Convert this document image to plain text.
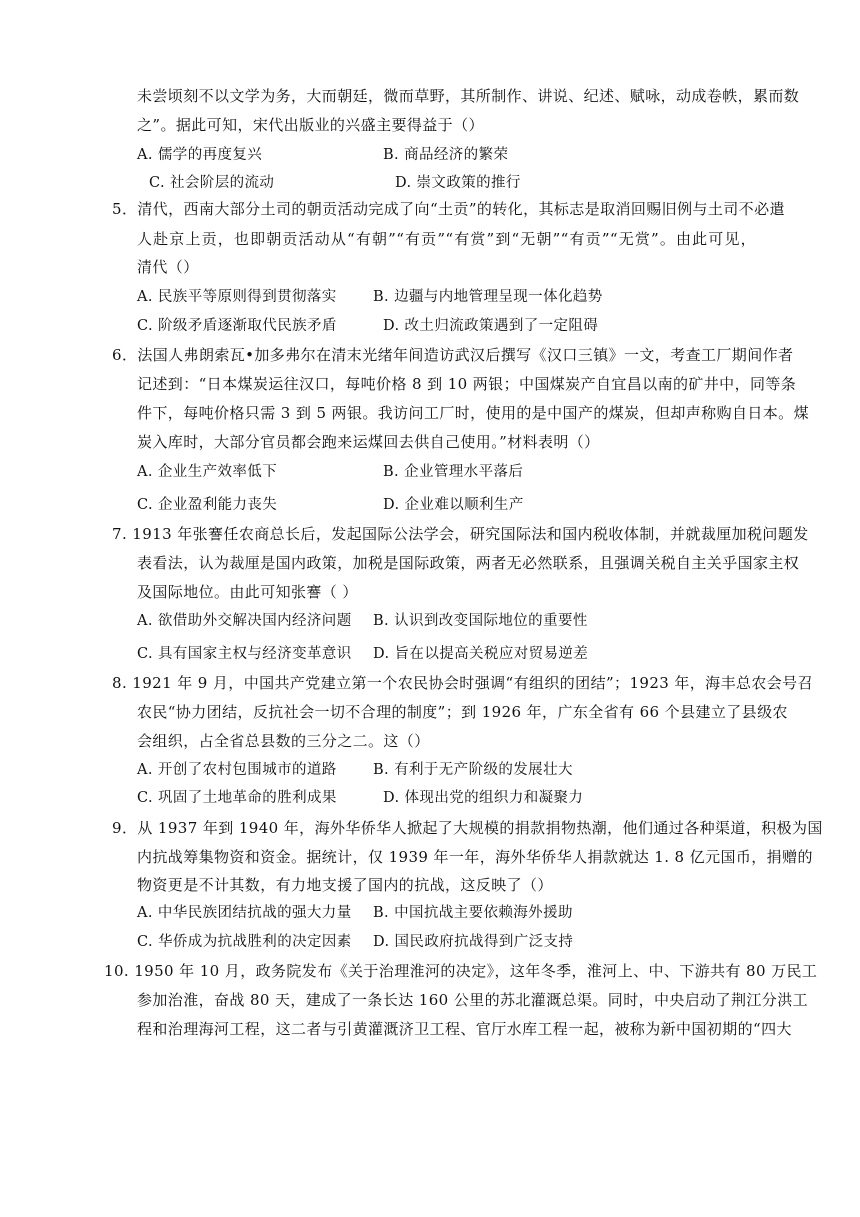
未尝顷刻不以文学为务，大而朝廷，微而草野，其所制作、讲说、纪述、赋咏，动成卷帙，累而数
之”。据此可知，宋代出版业的兴盛主要得益于（）
A. 儒学的再度复兴	B. 商品经济的繁荣
C. 社会阶层的流动	D. 崇文政策的推行
5．清代，西南大部分土司的朝贡活动完成了向“土贡”的转化，其标志是取消回赐旧例与土司不必遣
人赴京上贡，也即朝贡活动从“有朝”“有贡”“有赏”到“无朝”“有贡”“无赏”。由此可见，
清代（）
A. 民族平等原则得到贯彻落实	B. 边疆与内地管理呈现一体化趋势
C. 阶级矛盾逐渐取代民族矛盾	D. 改土归流政策遇到了一定阻碍
6．法国人弗朗索瓦•加多弗尔在清末光绪年间造访武汉后撰写《汉口三镇》一文，考查工厂期间作者
记述到：“日本煤炭运往汉口，每吨价格 8 到 10 两银；中国煤炭产自宜昌以南的矿井中，同等条
件下，每吨价格只需 3 到 5 两银。我访问工厂时，使用的是中国产的煤炭，但却声称购自日本。煤
炭入库时，大部分官员都会跑来运煤回去供自己使用。”材料表明（）
A. 企业生产效率低下	B. 企业管理水平落后
C. 企业盈利能力丧失	D. 企业难以顺利生产
7. 1913 年张謇任农商总长后，发起国际公法学会，研究国际法和国内税收体制，并就裁厘加税问题发
表看法，认为裁厘是国内政策，加税是国际政策，两者无必然联系，且强调关税自主关乎国家主权
及国际地位。由此可知张謇（ ）
A. 欲借助外交解决国内经济问题 B. 认识到改变国际地位的重要性
C. 具有国家主权与经济变革意识 D. 旨在以提高关税应对贸易逆差
8. 1921 年 9 月，中国共产党建立第一个农民协会时强调“有组织的团结”；1923 年，海丰总农会号召
农民“协力团结，反抗社会一切不合理的制度”；到 1926 年，广东全省有 66 个县建立了县级农
会组织，占全省总县数的三分之二。这（）
A. 开创了农村包围城市的道路	B. 有利于无产阶级的发展壮大
C. 巩固了土地革命的胜利成果	D. 体现出党的组织力和凝聚力
9．从 1937 年到 1940 年，海外华侨华人掀起了大规模的捐款捐物热潮，他们通过各种渠道，积极为国
内抗战筹集物资和资金。据统计，仅 1939 年一年，海外华侨华人捐款就达 1. 8 亿元国币，捐赠的
物资更是不计其数，有力地支援了国内的抗战，这反映了（）
A. 中华民族团结抗战的强大力量 B. 中国抗战主要依赖海外援助
C. 华侨成为抗战胜利的决定因素 D. 国民政府抗战得到广泛支持
10. 1950 年 10 月，政务院发布《关于治理淮河的决定》，这年冬季，淮河上、中、下游共有 80 万民工
参加治淮，奋战 80 天，建成了一条长达 160 公里的苏北灌溉总渠。同时，中央启动了荆江分洪工
程和治理海河工程，这二者与引黄灌溉济卫工程、官厅水库工程一起，被称为新中国初期的“四大
